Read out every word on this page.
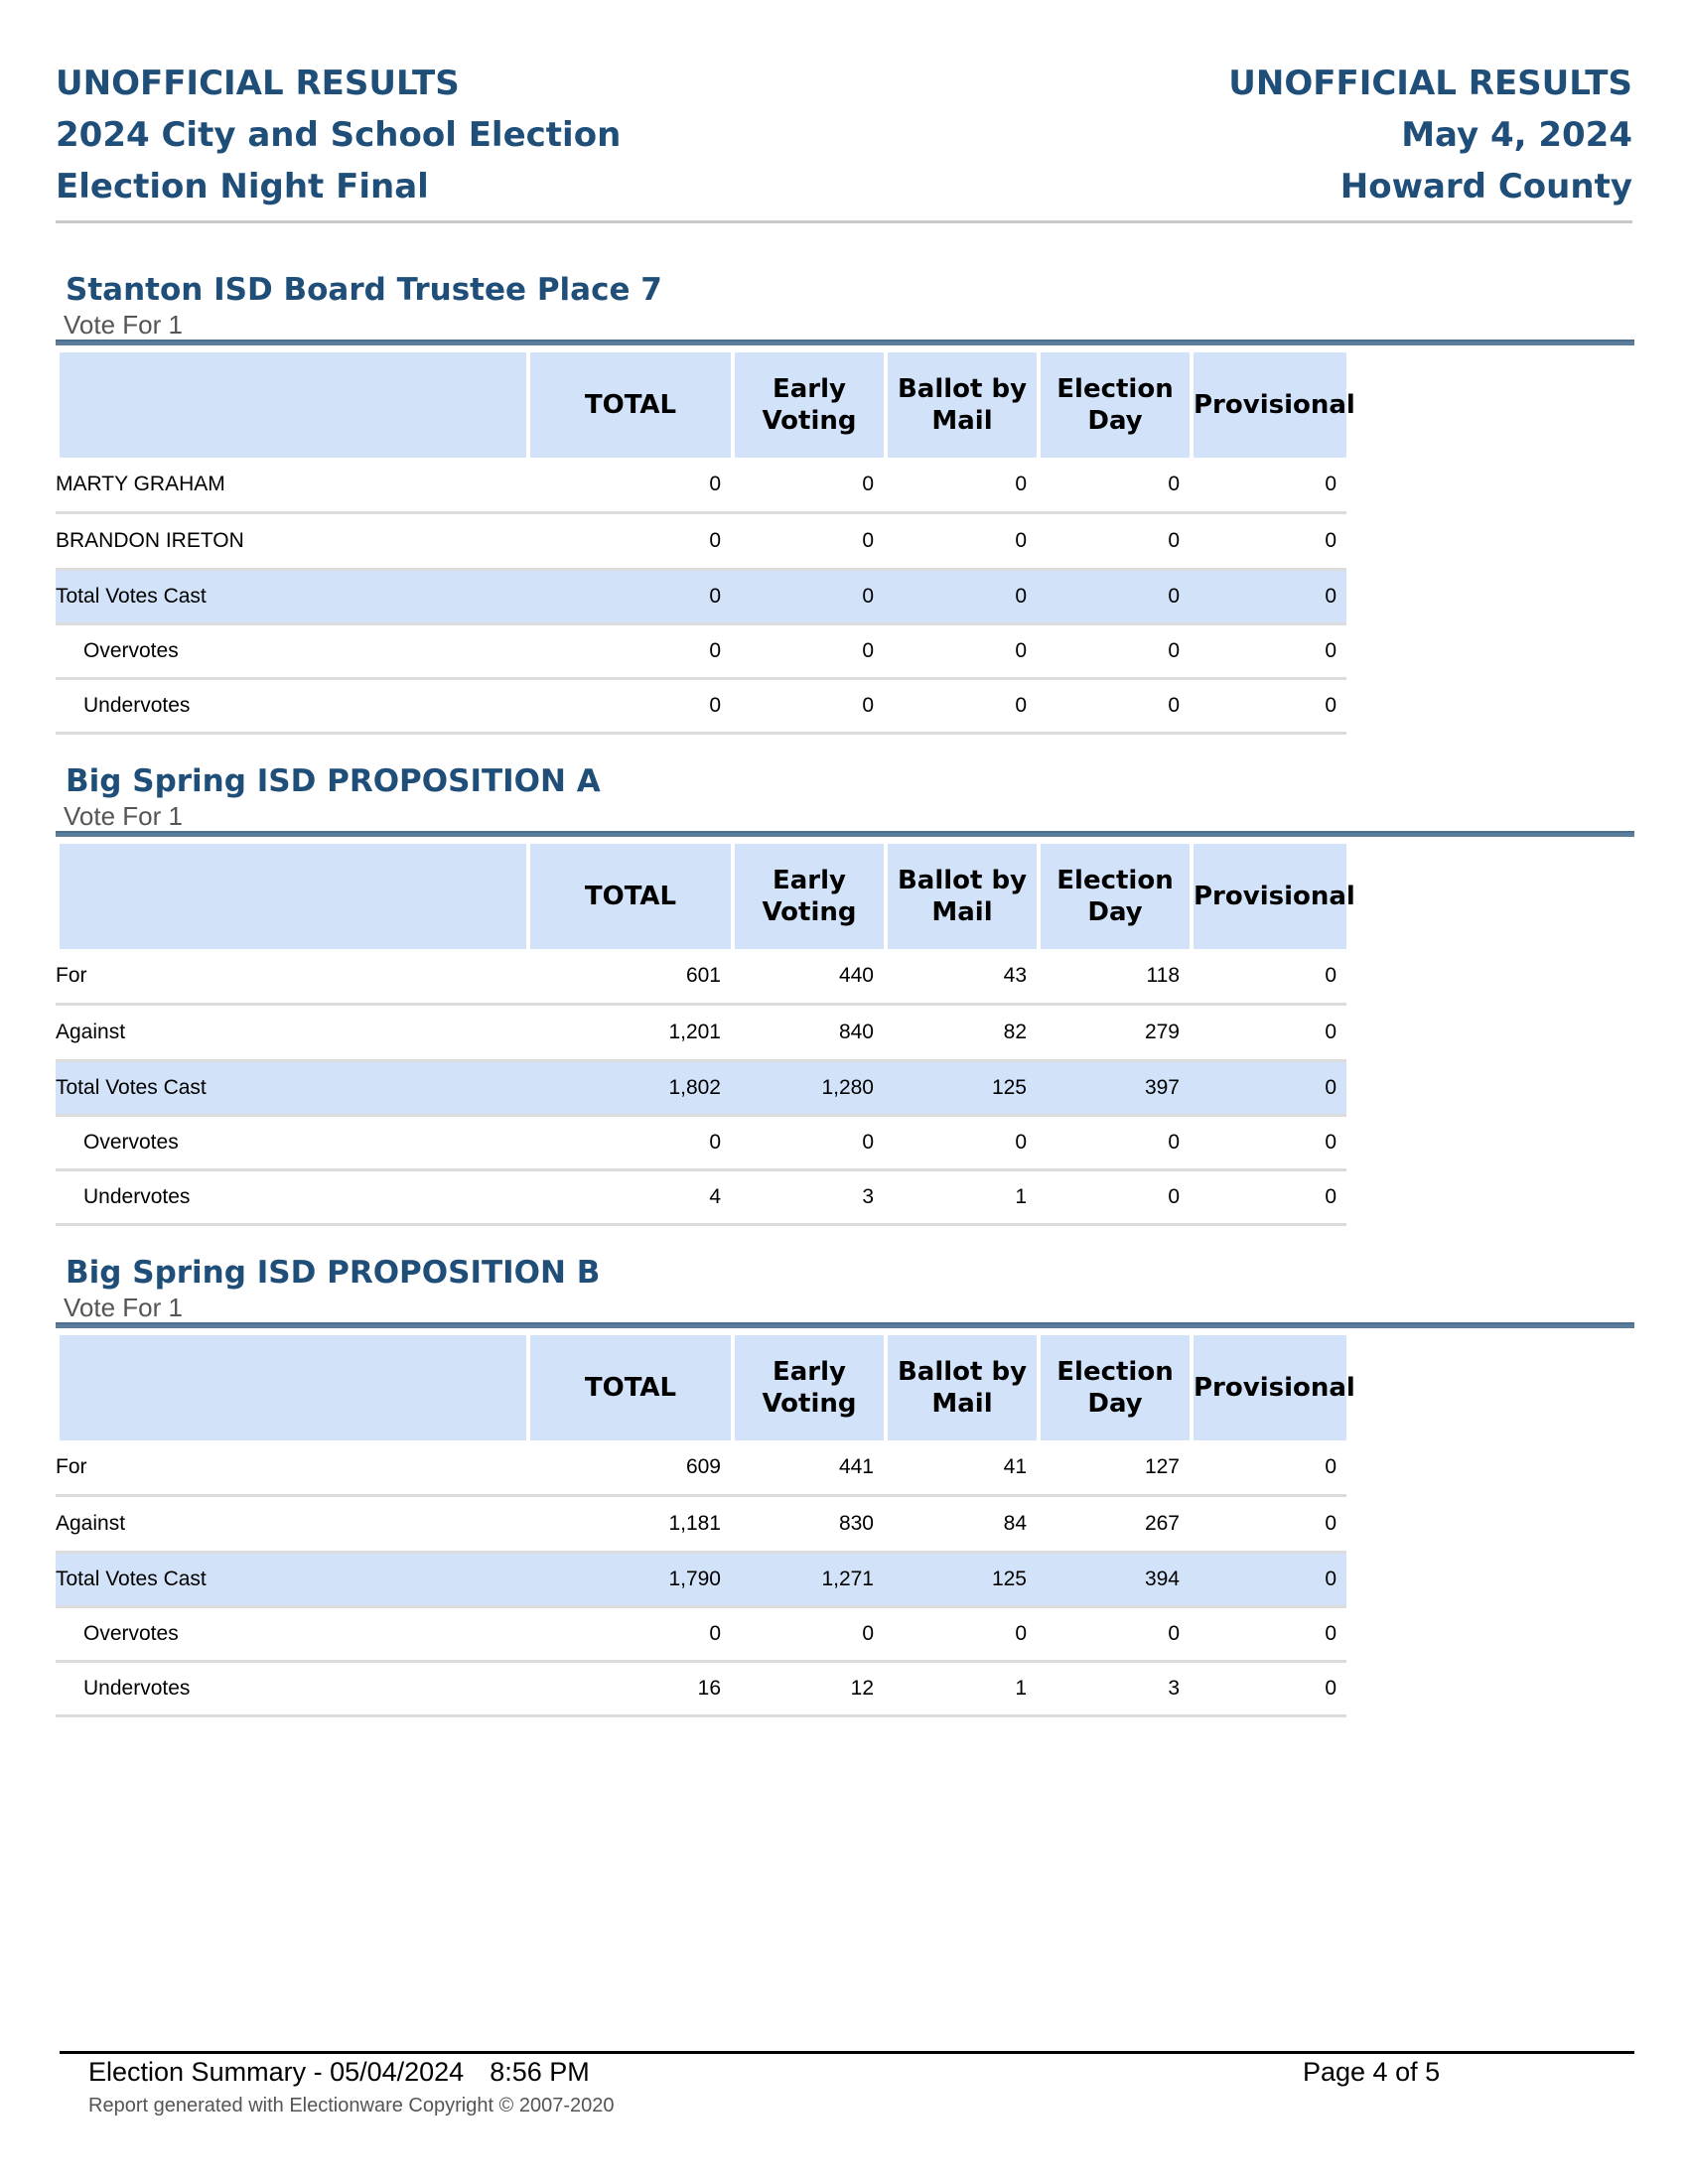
UNOFFICIAL RESULTS
2024 City and School Election
Election Night Final
UNOFFICIAL RESULTS
May 4, 2024
Howard County
Stanton ISD Board Trustee Place 7
Vote For 1
	TOTAL	Early Voting	Ballot by Mail	Election Day	Provisional
MARTY GRAHAM	0	0	0	0	0
BRANDON IRETON	0	0	0	0	0
Total Votes Cast	0	0	0	0	0
Overvotes	0	0	0	0	0
Undervotes	0	0	0	0	0
Big Spring ISD PROPOSITION A
Vote For 1
	TOTAL	Early Voting	Ballot by Mail	Election Day	Provisional
For	601	440	43	118	0
Against	1,201	840	82	279	0
Total Votes Cast	1,802	1,280	125	397	0
Overvotes	0	0	0	0	0
Undervotes	4	3	1	0	0
Big Spring ISD PROPOSITION B
Vote For 1
	TOTAL	Early Voting	Ballot by Mail	Election Day	Provisional
For	609	441	41	127	0
Against	1,181	830	84	267	0
Total Votes Cast	1,790	1,271	125	394	0
Overvotes	0	0	0	0	0
Undervotes	16	12	1	3	0
Election Summary - 05/04/2024 8:56 PM
Report generated with Electionware Copyright © 2007-2020
Page 4 of 5
